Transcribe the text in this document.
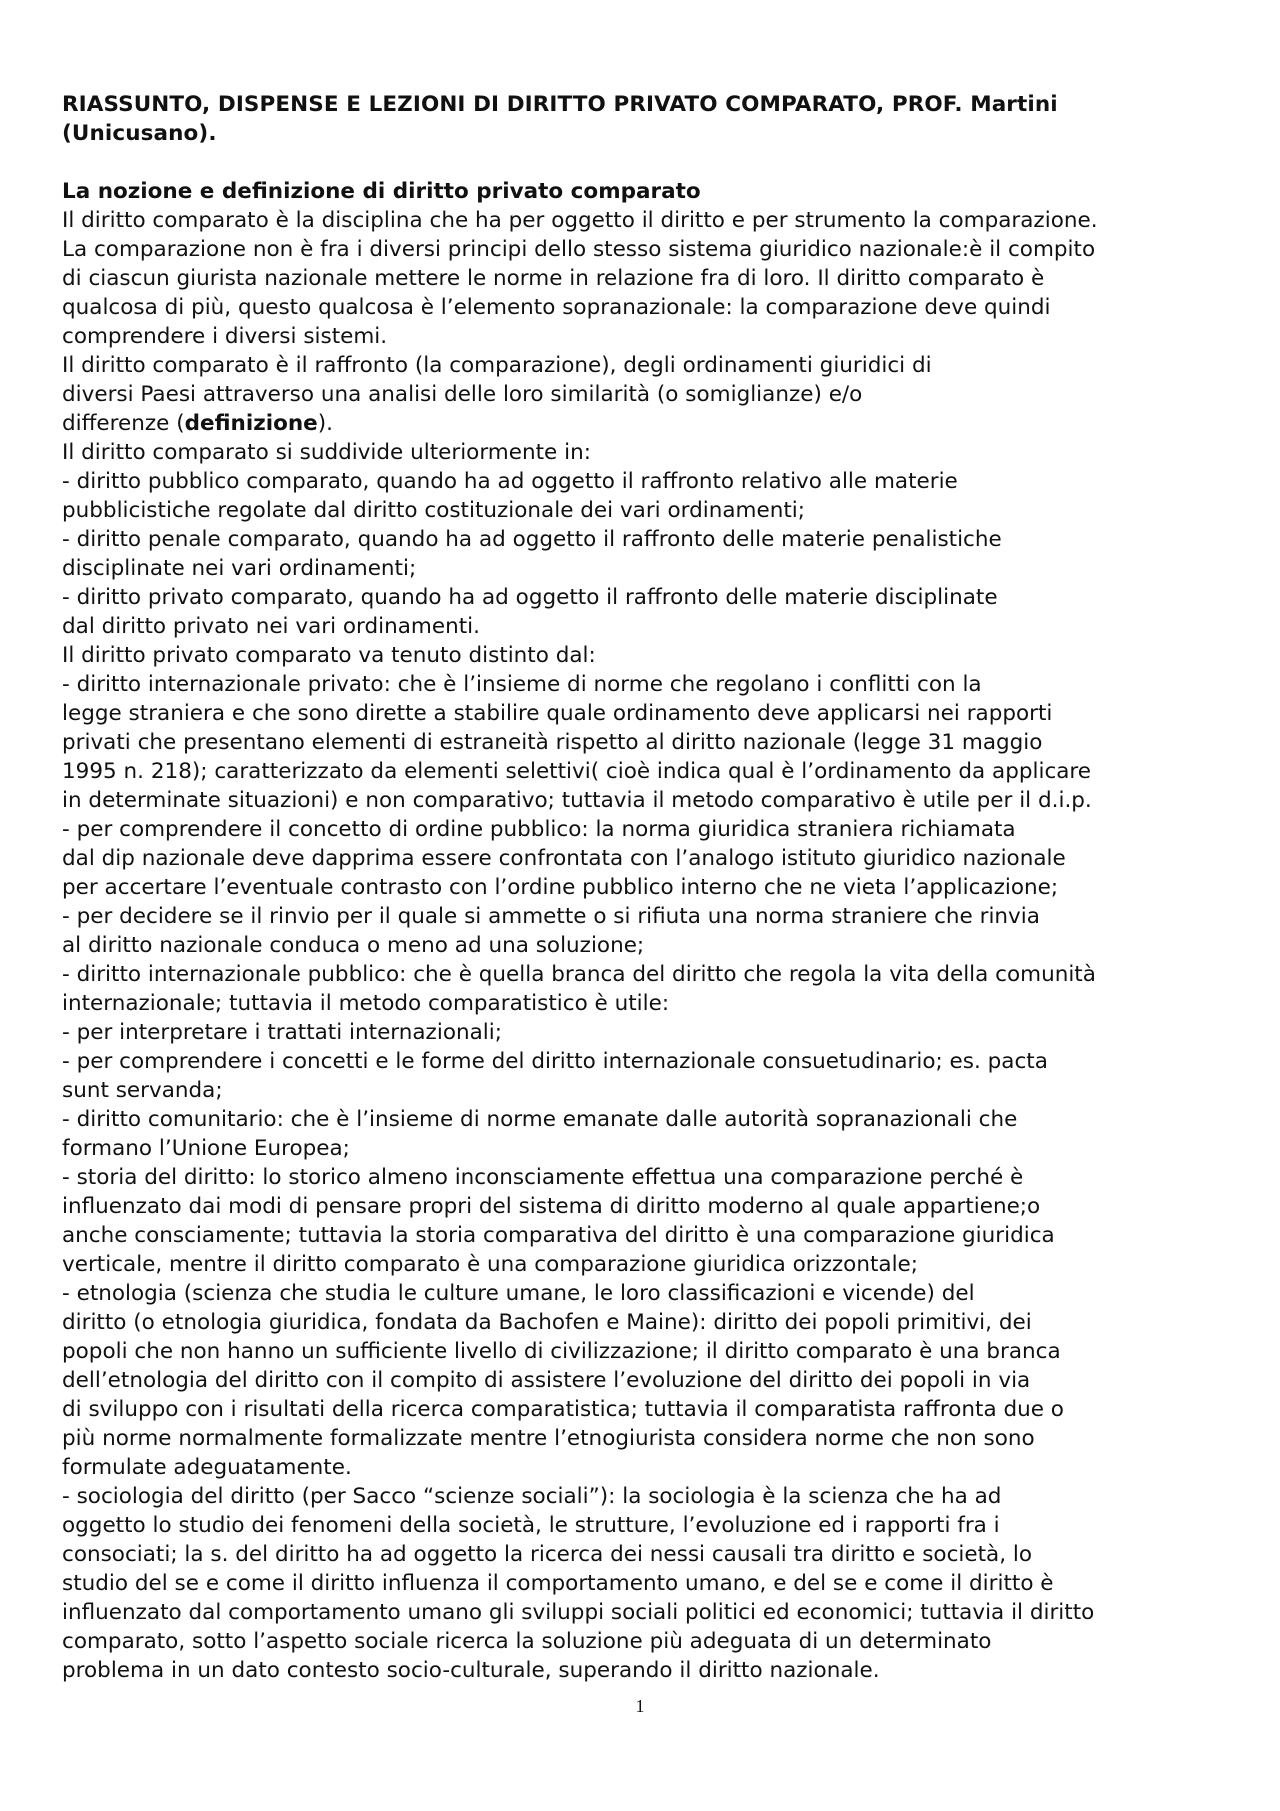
RIASSUNTO, DISPENSE E LEZIONI DI DIRITTO PRIVATO COMPARATO, PROF. Martini
(Unicusano).
La nozione e definizione di diritto privato comparato
Il diritto comparato è la disciplina che ha per oggetto il diritto e per strumento la comparazione.
La comparazione non è fra i diversi principi dello stesso sistema giuridico nazionale:è il compito
di ciascun giurista nazionale mettere le norme in relazione fra di loro. Il diritto comparato è
qualcosa di più, questo qualcosa è l’elemento sopranazionale: la comparazione deve quindi
comprendere i diversi sistemi.
Il diritto comparato è il raffronto (la comparazione), degli ordinamenti giuridici di
diversi Paesi attraverso una analisi delle loro similarità (o somiglianze) e/o
differenze (definizione).
Il diritto comparato si suddivide ulteriormente in:
- diritto pubblico comparato, quando ha ad oggetto il raffronto relativo alle materie
pubblicistiche regolate dal diritto costituzionale dei vari ordinamenti;
- diritto penale comparato, quando ha ad oggetto il raffronto delle materie penalistiche
disciplinate nei vari ordinamenti;
- diritto privato comparato, quando ha ad oggetto il raffronto delle materie disciplinate
dal diritto privato nei vari ordinamenti.
Il diritto privato comparato va tenuto distinto dal:
- diritto internazionale privato: che è l’insieme di norme che regolano i conflitti con la
legge straniera e che sono dirette a stabilire quale ordinamento deve applicarsi nei rapporti
privati che presentano elementi di estraneità rispetto al diritto nazionale (legge 31 maggio
1995 n. 218); caratterizzato da elementi selettivi( cioè indica qual è l’ordinamento da applicare
in determinate situazioni) e non comparativo; tuttavia il metodo comparativo è utile per il d.i.p.
- per comprendere il concetto di ordine pubblico: la norma giuridica straniera richiamata
dal dip nazionale deve dapprima essere confrontata con l’analogo istituto giuridico nazionale
per accertare l’eventuale contrasto con l’ordine pubblico interno che ne vieta l’applicazione;
- per decidere se il rinvio per il quale si ammette o si rifiuta una norma straniere che rinvia
al diritto nazionale conduca o meno ad una soluzione;
- diritto internazionale pubblico: che è quella branca del diritto che regola la vita della comunità
internazionale; tuttavia il metodo comparatistico è utile:
- per interpretare i trattati internazionali;
- per comprendere i concetti e le forme del diritto internazionale consuetudinario; es. pacta
sunt servanda;
- diritto comunitario: che è l’insieme di norme emanate dalle autorità sopranazionali che
formano l’Unione Europea;
- storia del diritto: lo storico almeno inconsciamente effettua una comparazione perché è
influenzato dai modi di pensare propri del sistema di diritto moderno al quale appartiene;o
anche consciamente; tuttavia la storia comparativa del diritto è una comparazione giuridica
verticale, mentre il diritto comparato è una comparazione giuridica orizzontale;
- etnologia (scienza che studia le culture umane, le loro classificazioni e vicende) del
diritto (o etnologia giuridica, fondata da Bachofen e Maine): diritto dei popoli primitivi, dei
popoli che non hanno un sufficiente livello di civilizzazione; il diritto comparato è una branca
dell’etnologia del diritto con il compito di assistere l’evoluzione del diritto dei popoli in via
di sviluppo con i risultati della ricerca comparatistica; tuttavia il comparatista raffronta due o
più norme normalmente formalizzate mentre l’etnogiurista considera norme che non sono
formulate adeguatamente.
- sociologia del diritto (per Sacco “scienze sociali”): la sociologia è la scienza che ha ad
oggetto lo studio dei fenomeni della società, le strutture, l’evoluzione ed i rapporti fra i
consociati; la s. del diritto ha ad oggetto la ricerca dei nessi causali tra diritto e società, lo
studio del se e come il diritto influenza il comportamento umano, e del se e come il diritto è
influenzato dal comportamento umano gli sviluppi sociali politici ed economici; tuttavia il diritto
comparato, sotto l’aspetto sociale ricerca la soluzione più adeguata di un determinato
problema in un dato contesto socio-culturale, superando il diritto nazionale.
1
